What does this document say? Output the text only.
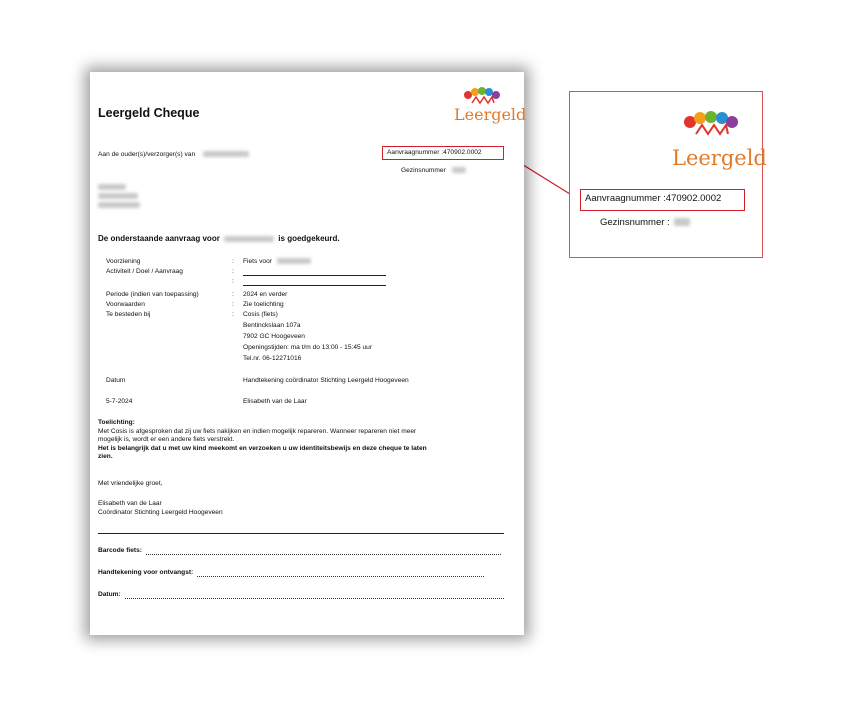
Leergeld Cheque	Leergeld
Aan de ouder(s)/verzorger(s) van	Aanvraagnummer :470902.0002
Gezinsnummer
De onderstaande aanvraag voor	is goedgekeurd.
Voorziening	: Fiets voor
Activiteit / Doel / Aanvraag	:
:
Periode (indien van toepassing)	: 2024 en verder
Voorwaarden	: Zie toelichting
Te besteden bij	: Cosis (fiets)
Bentinckslaan 107a
7902 GC Hoogeveen
Openingstijden: ma t/m do 13:00 - 15:45 uur
Tel.nr. 06-12271016
Datum	Handtekening coördinator Stichting Leergeld Hoogeveen
5-7-2024	Elisabeth van de Laar
Toelichting:
Met Cosis is afgesproken dat zij uw fiets nakijken en indien mogelijk repareren. Wanneer repareren niet meer
mogelijk is, wordt er een andere fiets verstrekt.
Het is belangrijk dat u met uw kind meekomt en verzoeken u uw identiteitsbewijs en deze cheque te laten
zien.
Met vriendelijke groet,
Elisabeth van de Laar
Coördinator Stichting Leergeld Hoogeveen
Barcode fiets:
Handtekening voor ontvangst:
Datum:
Leergeld
Aanvraagnummer :470902.0002
Gezinsnummer :
